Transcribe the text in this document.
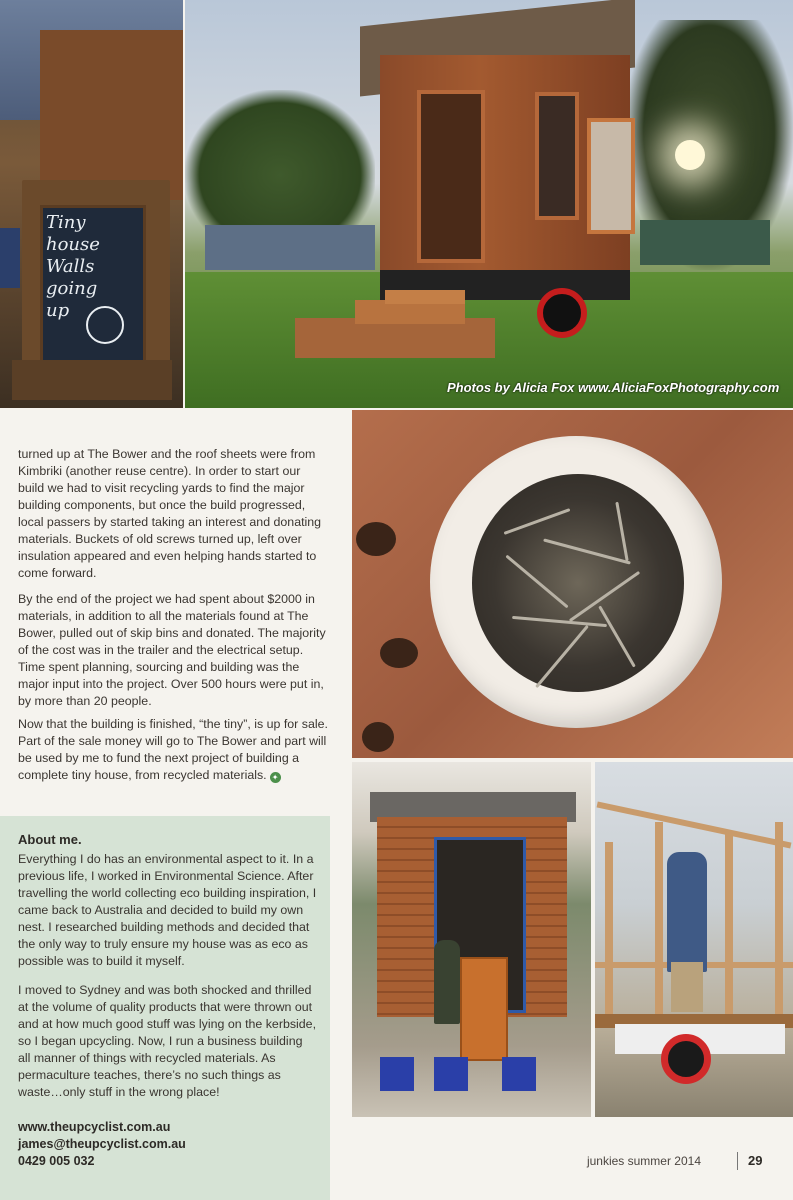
Tiny house
Walls going
up
Photos by Alicia Fox www.AliciaFoxPhotography.com

turned up at The Bower and the roof sheets were from Kimbriki (another reuse centre). In order to start our build we had to visit recycling yards to find the major building components, but once the build progressed, local passers by started taking an interest and donating materials. Buckets of old screws turned up, left over insulation appeared and even helping hands started to come forward.

By the end of the project we had spent about $2000 in materials, in addition to all the materials found at The Bower, pulled out of skip bins and donated. The majority of the cost was in the trailer and the electrical setup. Time spent planning, sourcing and building was the major input into the project. Over 500 hours were put in, by more than 20 people.

Now that the building is finished, “the tiny”, is up for sale. Part of the sale money will go to The Bower and part will be used by me to fund the next project of building a complete tiny house, from recycled materials. ✦

About me.
Everything I do has an environmental aspect to it. In a previous life, I worked in Environmental Science. After travelling the world collecting eco building inspiration, I came back to Australia and decided to build my own nest. I researched building methods and decided that the only way to truly ensure my house was as eco as possible was to build it myself.
I moved to Sydney and was both shocked and thrilled at the volume of quality products that were thrown out and at how much good stuff was lying on the kerbside, so I began upcycling. Now, I run a business building all manner of things with recycled materials. As permaculture teaches, there’s no such things as waste…only stuff in the wrong place!
www.theupcyclist.com.au
james@theupcyclist.com.au
0429 005 032	junkies summer 2014	29
